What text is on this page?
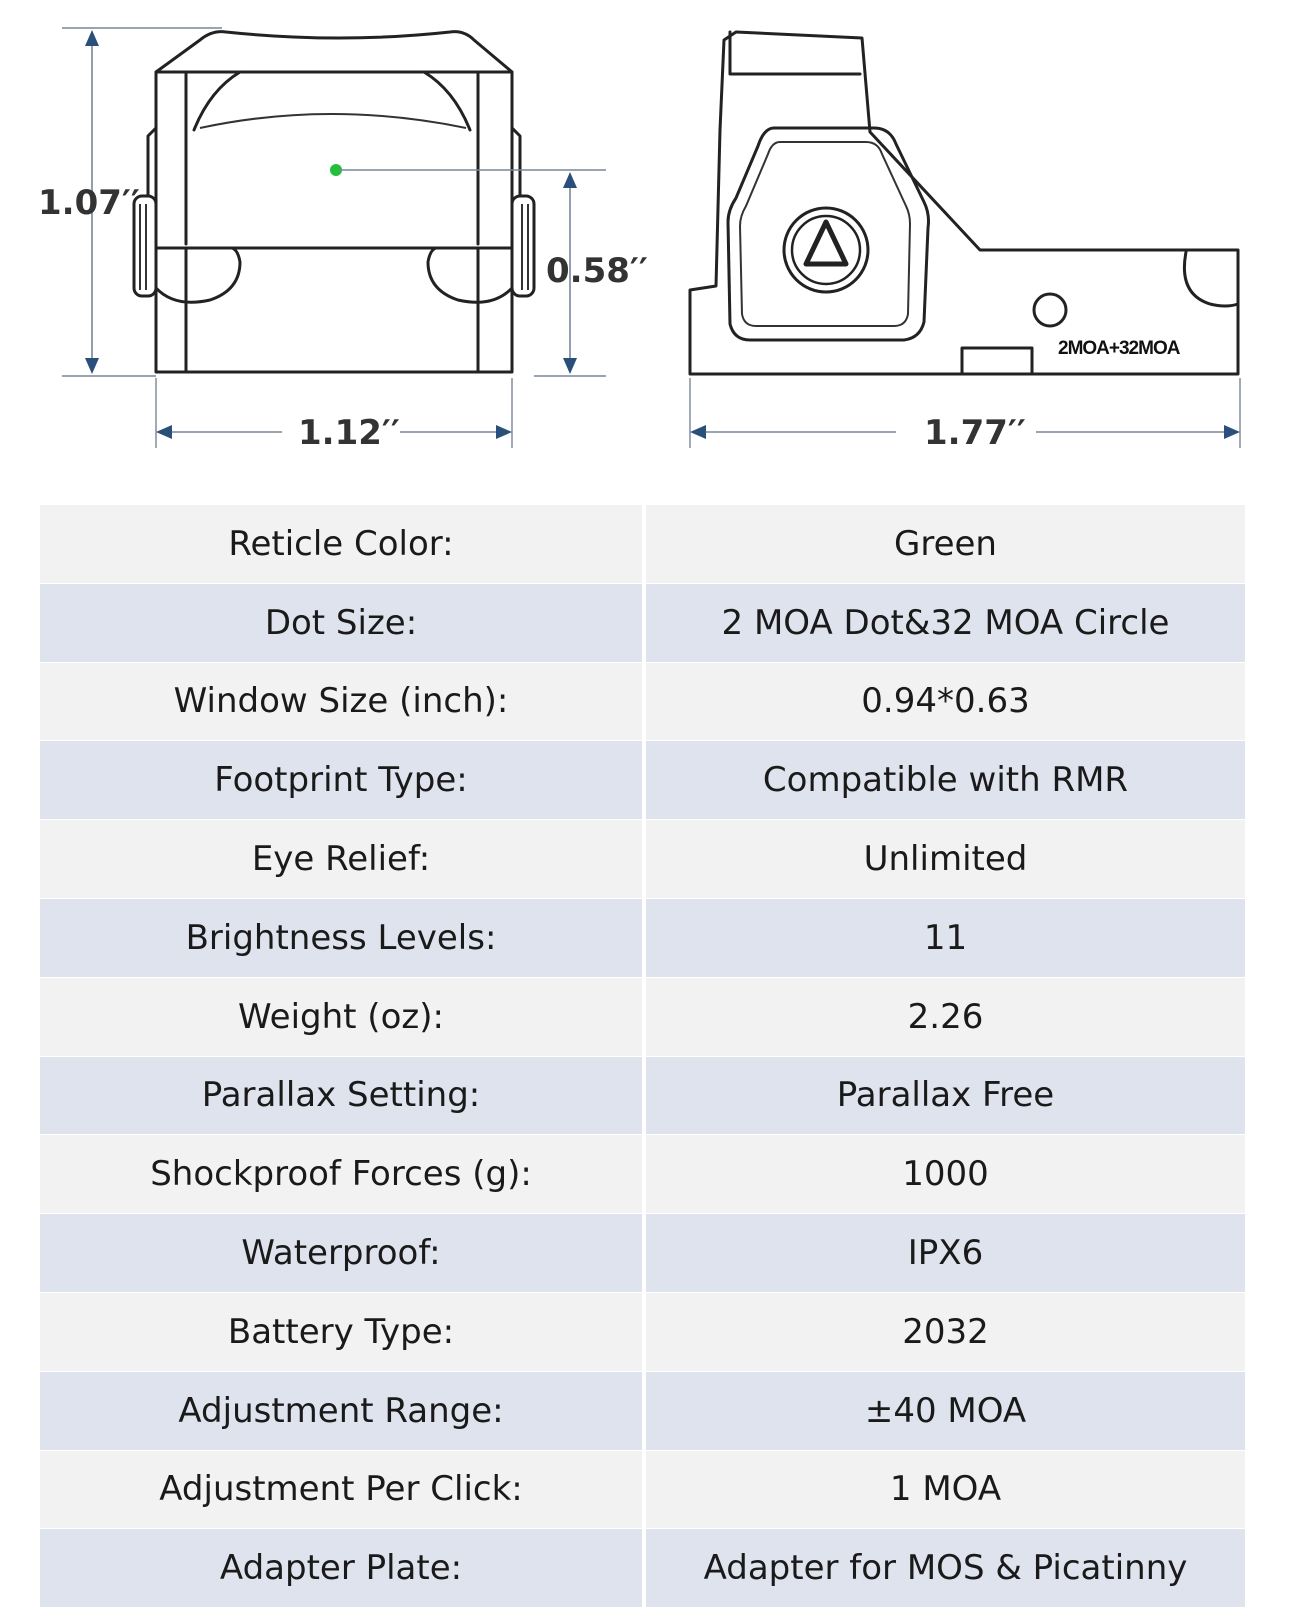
1.07′′
0.58′′
1.12′′
2MOA+32MOA
1.77′′
Reticle Color:	Green
Dot Size:	2 MOA Dot&32 MOA Circle
Window Size (inch):	0.94*0.63
Footprint Type:	Compatible with RMR
Eye Relief:	Unlimited
Brightness Levels:	11
Weight (oz):	2.26
Parallax Setting:	Parallax Free
Shockproof Forces (g):	1000
Waterproof:	IPX6
Battery Type:	2032
Adjustment Range:	±40 MOA
Adjustment Per Click:	1 MOA
Adapter Plate:	Adapter for MOS & Picatinny
